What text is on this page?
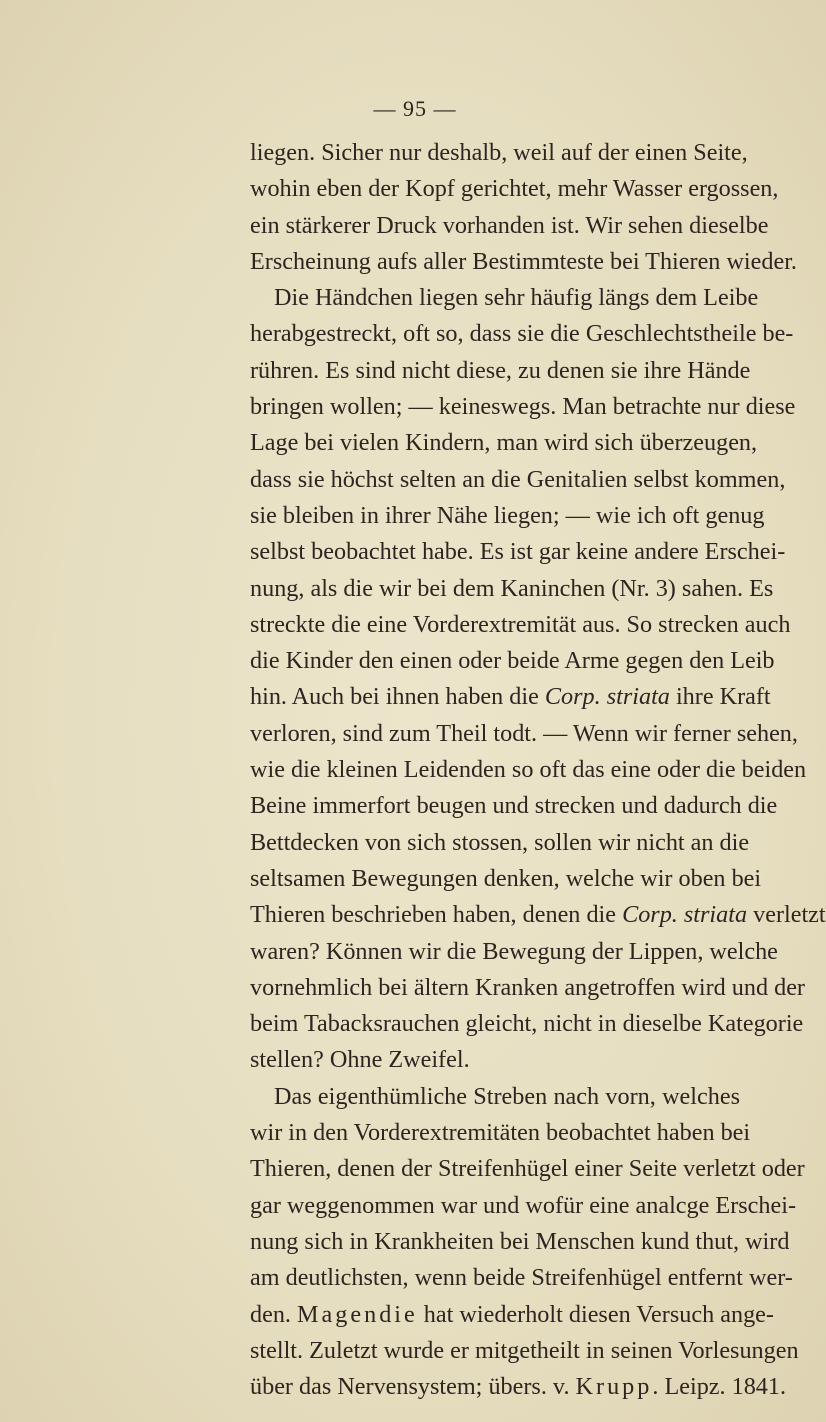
— 95 —
liegen. Sicher nur deshalb, weil auf der einen Seite,
wohin eben der Kopf gerichtet, mehr Wasser ergossen,
ein stärkerer Druck vorhanden ist. Wir sehen dieselbe
Erscheinung aufs aller Bestimmteste bei Thieren wieder.
Die Händchen liegen sehr häufig längs dem Leibe
herabgestreckt, oft so, dass sie die Geschlechtstheile be-
rühren. Es sind nicht diese, zu denen sie ihre Hände
bringen wollen; — keineswegs. Man betrachte nur diese
Lage bei vielen Kindern, man wird sich überzeugen,
dass sie höchst selten an die Genitalien selbst kommen,
sie bleiben in ihrer Nähe liegen; — wie ich oft genug
selbst beobachtet habe. Es ist gar keine andere Erschei-
nung, als die wir bei dem Kaninchen (Nr. 3) sahen. Es
streckte die eine Vorderextremität aus. So strecken auch
die Kinder den einen oder beide Arme gegen den Leib
hin. Auch bei ihnen haben die Corp. striata ihre Kraft
verloren, sind zum Theil todt. — Wenn wir ferner sehen,
wie die kleinen Leidenden so oft das eine oder die beiden
Beine immerfort beugen und strecken und dadurch die
Bettdecken von sich stossen, sollen wir nicht an die
seltsamen Bewegungen denken, welche wir oben bei
Thieren beschrieben haben, denen die Corp. striata verletzt
waren? Können wir die Bewegung der Lippen, welche
vornehmlich bei ältern Kranken angetroffen wird und der
beim Tabacksrauchen gleicht, nicht in dieselbe Kategorie
stellen? Ohne Zweifel.
Das eigenthümliche Streben nach vorn, welches
wir in den Vorderextremitäten beobachtet haben bei
Thieren, denen der Streifenhügel einer Seite verletzt oder
gar weggenommen war und wofür eine analcge Erschei-
nung sich in Krankheiten bei Menschen kund thut, wird
am deutlichsten, wenn beide Streifenhügel entfernt wer-
den. Magendie hat wiederholt diesen Versuch ange-
stellt. Zuletzt wurde er mitgetheilt in seinen Vorlesungen
über das Nervensystem; übers. v. Krupp. Leipz. 1841.
